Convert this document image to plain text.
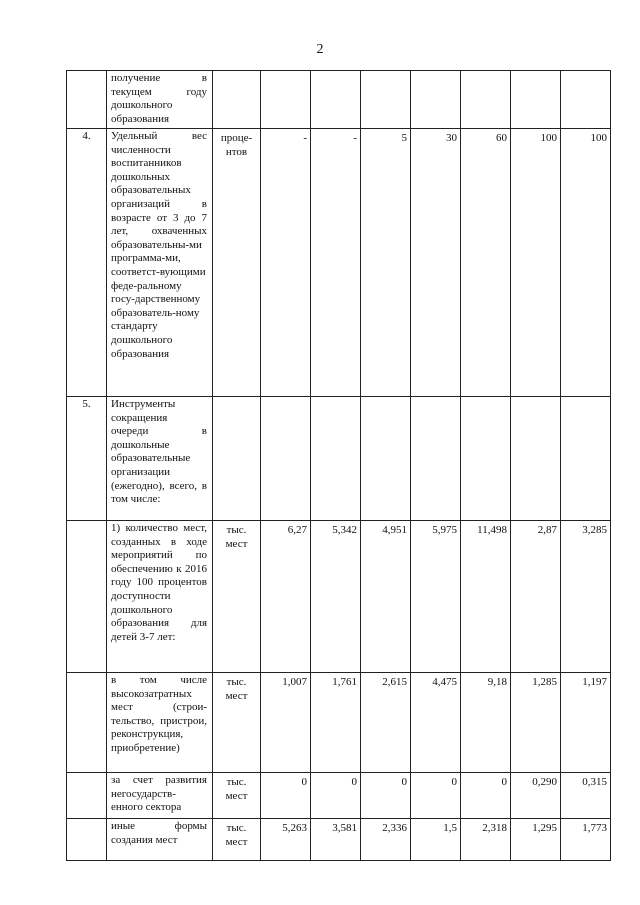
2
	получение в текущем году дошкольного образования								
4.	Удельный вес численности воспитанников дошкольных образовательных организаций в возрасте от 3 до 7 лет, охваченных образовательны-ми программа-ми, соответст-вующими феде-ральному госу-дарственному образователь-ному стандарту дошкольного образования	проце-нтов	-	-	5	30	60	100	100
5.	Инструменты сокращения очереди в дошкольные образовательные организации (ежегодно), всего, в том числе:								
	1) количество мест, созданных в ходе мероприятий по обеспечению к 2016 году 100 процентов доступности дошкольного образования для детей 3-7 лет:	тыс. мест	6,27	5,342	4,951	5,975	11,498	2,87	3,285
	в том числе высокозатратных мест (строи-тельство, пристрои, реконструкция, приобретение)	тыс. мест	1,007	1,761	2,615	4,475	9,18	1,285	1,197
	за счет развития негосударств-енного сектора	тыс. мест	0	0	0	0	0	0,290	0,315
	иные формы создания мест	тыс. мест	5,263	3,581	2,336	1,5	2,318	1,295	1,773
